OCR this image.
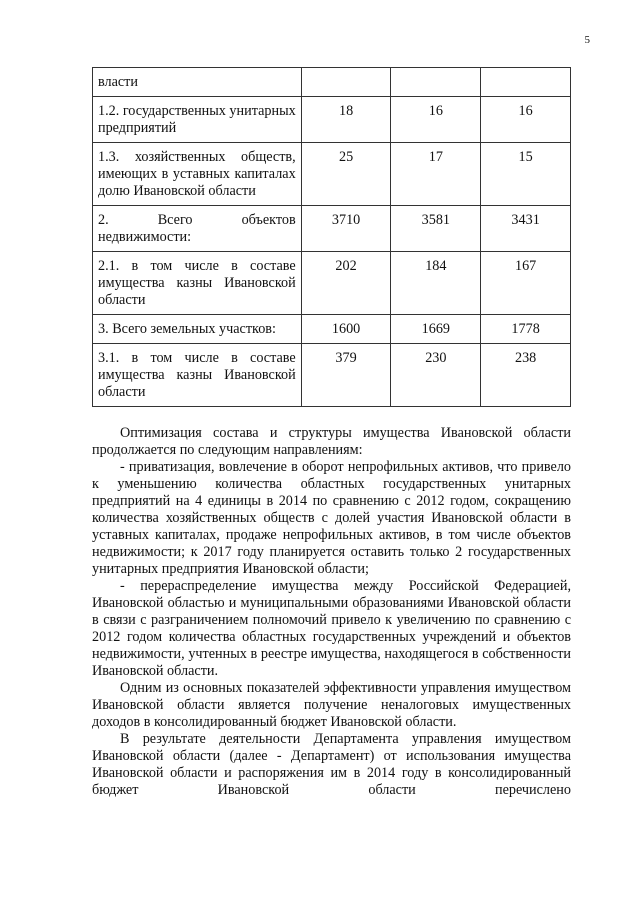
5
власти			
1.2. государственных унитарных предприятий	18	16	16
1.3. хозяйственных обществ, имеющих в уставных капиталах долю Ивановской области	25	17	15
2. Всего объектов недвижимости:	3710	3581	3431
2.1. в том числе в составе имущества казны Ивановской области	202	184	167
3. Всего земельных участков:	1600	1669	1778
3.1. в том числе в составе имущества казны Ивановской области	379	230	238

Оптимизация состава и структуры имущества Ивановской области продолжается по следующим направлениям:

- приватизация, вовлечение в оборот непрофильных активов, что привело к уменьшению количества областных государственных унитарных предприятий на 4 единицы в 2014 по сравнению с 2012 годом, сокращению количества хозяйственных обществ с долей участия Ивановской области в уставных капиталах, продаже непрофильных активов, в том числе объектов недвижимости; к 2017 году планируется оставить только 2 государственных унитарных предприятия Ивановской области;

- перераспределение имущества между Российской Федерацией, Ивановской областью и муниципальными образованиями Ивановской области в связи с разграничением полномочий привело к увеличению по сравнению с 2012 годом количества областных государственных учреждений и объектов недвижимости, учтенных в реестре имущества, находящегося в собственности Ивановской области.

Одним из основных показателей эффективности управления имуществом Ивановской области является получение неналоговых имущественных доходов в консолидированный бюджет Ивановской области.

В результате деятельности Департамента управления имуществом Ивановской области (далее - Департамент) от использования имущества Ивановской области и распоряжения им в 2014 году в консолидированный бюджет Ивановской области перечислено
